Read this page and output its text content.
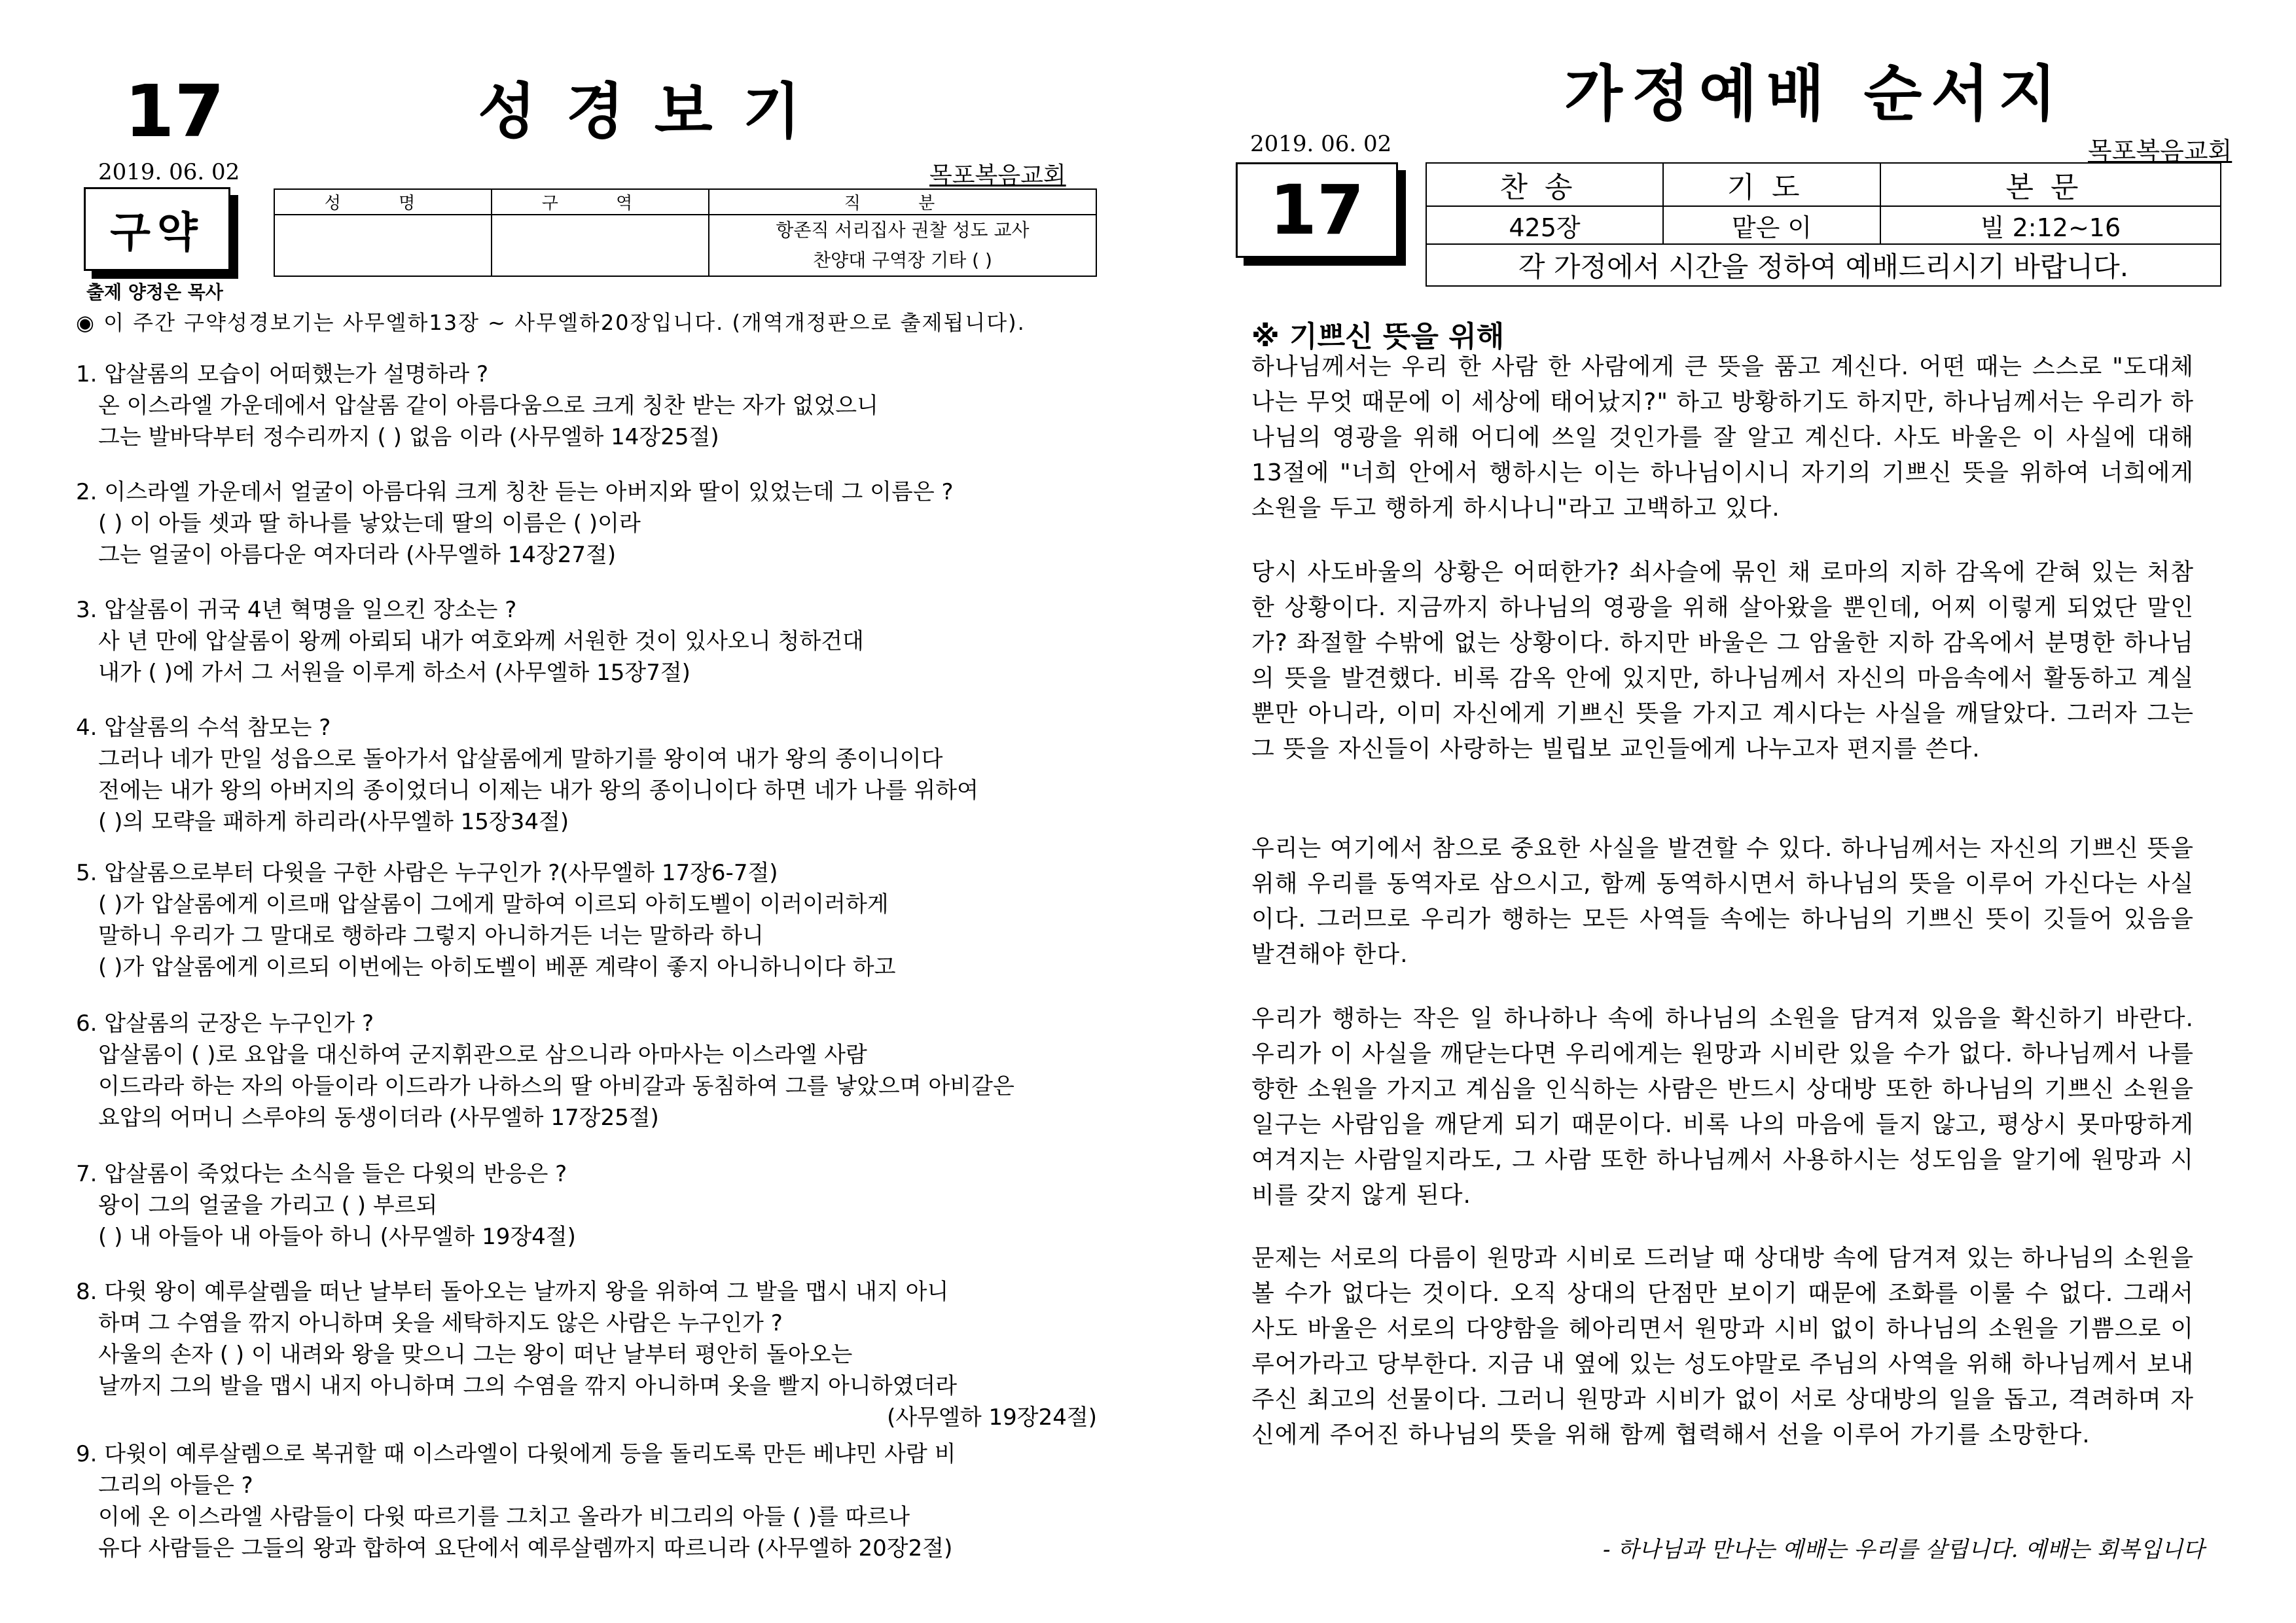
17	성경보기
2019. 06. 02	목포복음교회
구약
출제 양정은 목사
성 명	구 역	직 분

		항존직 서리집사 권찰 성도 교사
찬양대 구역장 기타 ( )
◉ 이 주간 구약성경보기는 사무엘하13장 ~ 사무엘하20장입니다. (개역개정판으로 출제됩니다).
1. 압살롬의 모습이 어떠했는가 설명하라 ?
온 이스라엘 가운데에서 압살롬 같이 아름다움으로 크게 칭찬 받는 자가 없었으니
그는 발바닥부터 정수리까지 ( ) 없음 이라 (사무엘하 14장25절)
2. 이스라엘 가운데서 얼굴이 아름다워 크게 칭찬 듣는 아버지와 딸이 있었는데 그 이름은 ?
( ) 이 아들 셋과 딸 하나를 낳았는데 딸의 이름은 ( )이라
그는 얼굴이 아름다운 여자더라 (사무엘하 14장27절)
3. 압살롬이 귀국 4년 혁명을 일으킨 장소는 ?
사 년 만에 압살롬이 왕께 아뢰되 내가 여호와께 서원한 것이 있사오니 청하건대
내가 ( )에 가서 그 서원을 이루게 하소서 (사무엘하 15장7절)
4. 압살롬의 수석 참모는 ?
그러나 네가 만일 성읍으로 돌아가서 압살롬에게 말하기를 왕이여 내가 왕의 종이니이다
전에는 내가 왕의 아버지의 종이었더니 이제는 내가 왕의 종이니이다 하면 네가 나를 위하여
( )의 모략을 패하게 하리라(사무엘하 15장34절)
5. 압살롬으로부터 다윗을 구한 사람은 누구인가 ?(사무엘하 17장6-7절)
( )가 압살롬에게 이르매 압살롬이 그에게 말하여 이르되 아히도벨이 이러이러하게
말하니 우리가 그 말대로 행하랴 그렇지 아니하거든 너는 말하라 하니
( )가 압살롬에게 이르되 이번에는 아히도벨이 베푼 계략이 좋지 아니하니이다 하고
6. 압살롬의 군장은 누구인가 ?
압살롬이 ( )로 요압을 대신하여 군지휘관으로 삼으니라 아마사는 이스라엘 사람
이드라라 하는 자의 아들이라 이드라가 나하스의 딸 아비갈과 동침하여 그를 낳았으며 아비갈은
요압의 어머니 스루야의 동생이더라 (사무엘하 17장25절)
7. 압살롬이 죽었다는 소식을 들은 다윗의 반응은 ?
왕이 그의 얼굴을 가리고 ( ) 부르되
( ) 내 아들아 내 아들아 하니 (사무엘하 19장4절)
8. 다윗 왕이 예루살렘을 떠난 날부터 돌아오는 날까지 왕을 위하여 그 발을 맵시 내지 아니
하며 그 수염을 깎지 아니하며 옷을 세탁하지도 않은 사람은 누구인가 ?
사울의 손자 ( ) 이 내려와 왕을 맞으니 그는 왕이 떠난 날부터 평안히 돌아오는
날까지 그의 발을 맵시 내지 아니하며 그의 수염을 깎지 아니하며 옷을 빨지 아니하였더라
(사무엘하 19장24절)
9. 다윗이 예루살렘으로 복귀할 때 이스라엘이 다윗에게 등을 돌리도록 만든 베냐민 사람 비
그리의 아들은 ?
이에 온 이스라엘 사람들이 다윗 따르기를 그치고 올라가 비그리의 아들 ( )를 따르나
유다 사람들은 그들의 왕과 합하여 요단에서 예루살렘까지 따르니라 (사무엘하 20장2절)
가정예배 순서지
2019. 06. 02	목포복음교회
17	찬송	기도	본문
425장	맡은 이	빌 2:12~16
각 가정에서 시간을 정하여 예배드리시기 바랍니다.		
※ 기쁘신 뜻을 위해
하나님께서는 우리 한 사람 한 사람에게 큰 뜻을 품고 계신다. 어떤 때는 스스로 "도대체 나는 무엇 때문에 이 세상에 태어났지?" 하고 방황하기도 하지만, 하나님께서는 우리가 하나님의 영광을 위해 어디에 쓰일 것인가를 잘 알고 계신다. 사도 바울은 이 사실에 대해 13절에 "너희 안에서 행하시는 이는 하나님이시니 자기의 기쁘신 뜻을 위하여 너희에게 소원을 두고 행하게 하시나니"라고 고백하고 있다.
당시 사도바울의 상황은 어떠한가? 쇠사슬에 묶인 채 로마의 지하 감옥에 갇혀 있는 처참한 상황이다. 지금까지 하나님의 영광을 위해 살아왔을 뿐인데, 어찌 이렇게 되었단 말인가? 좌절할 수밖에 없는 상황이다. 하지만 바울은 그 암울한 지하 감옥에서 분명한 하나님의 뜻을 발견했다. 비록 감옥 안에 있지만, 하나님께서 자신의 마음속에서 활동하고 계실 뿐만 아니라, 이미 자신에게 기쁘신 뜻을 가지고 계시다는 사실을 깨달았다. 그러자 그는 그 뜻을 자신들이 사랑하는 빌립보 교인들에게 나누고자 편지를 쓴다.
우리는 여기에서 참으로 중요한 사실을 발견할 수 있다. 하나님께서는 자신의 기쁘신 뜻을 위해 우리를 동역자로 삼으시고, 함께 동역하시면서 하나님의 뜻을 이루어 가신다는 사실이다. 그러므로 우리가 행하는 모든 사역들 속에는 하나님의 기쁘신 뜻이 깃들어 있음을 발견해야 한다.
우리가 행하는 작은 일 하나하나 속에 하나님의 소원을 담겨져 있음을 확신하기 바란다. 우리가 이 사실을 깨닫는다면 우리에게는 원망과 시비란 있을 수가 없다. 하나님께서 나를 향한 소원을 가지고 계심을 인식하는 사람은 반드시 상대방 또한 하나님의 기쁘신 소원을 일구는 사람임을 깨닫게 되기 때문이다. 비록 나의 마음에 들지 않고, 평상시 못마땅하게 여겨지는 사람일지라도, 그 사람 또한 하나님께서 사용하시는 성도임을 알기에 원망과 시비를 갖지 않게 된다.
문제는 서로의 다름이 원망과 시비로 드러날 때 상대방 속에 담겨져 있는 하나님의 소원을 볼 수가 없다는 것이다. 오직 상대의 단점만 보이기 때문에 조화를 이룰 수 없다. 그래서 사도 바울은 서로의 다양함을 헤아리면서 원망과 시비 없이 하나님의 소원을 기쁨으로 이루어가라고 당부한다. 지금 내 옆에 있는 성도야말로 주님의 사역을 위해 하나님께서 보내주신 최고의 선물이다. 그러니 원망과 시비가 없이 서로 상대방의 일을 돕고, 격려하며 자신에게 주어진 하나님의 뜻을 위해 함께 협력해서 선을 이루어 가기를 소망한다.
- 하나님과 만나는 예배는 우리를 살립니다. 예배는 회복입니다
